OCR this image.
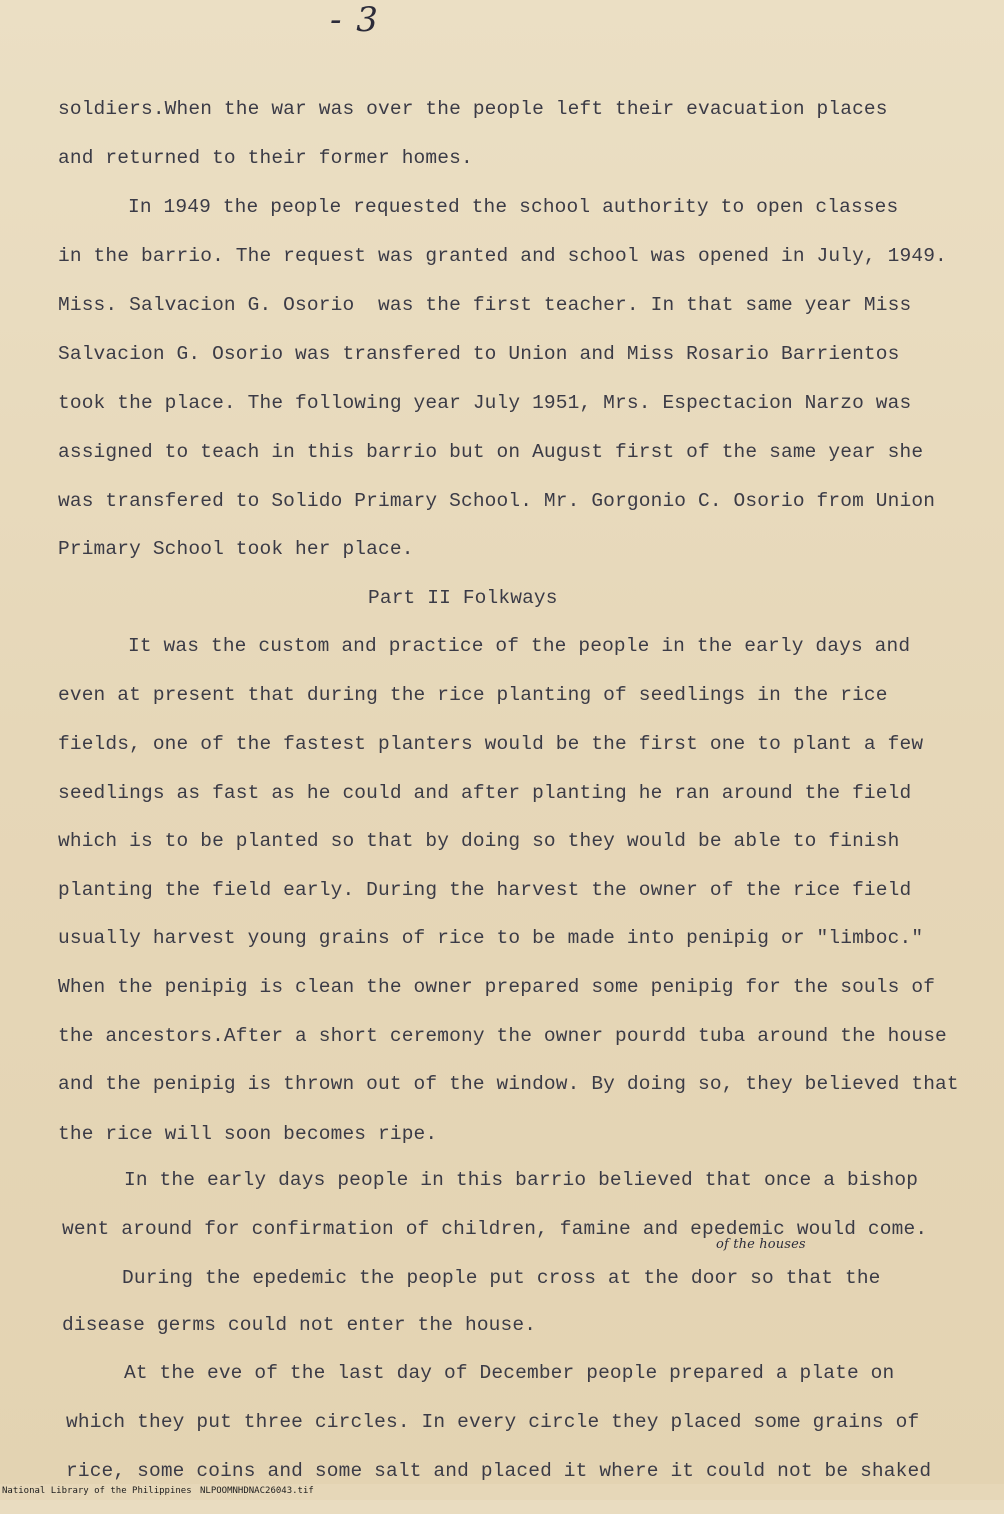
- 3
soldiers.When the war was over the people left their evacuation places
and returned to their former homes.
In 1949 the people requested the school authority to open classes
in the barrio. The request was granted and school was opened in July, 1949.
Miss. Salvacion G. Osorio  was the first teacher. In that same year Miss
Salvacion G. Osorio was transfered to Union and Miss Rosario Barrientos
took the place. The following year July 1951, Mrs. Espectacion Narzo was
assigned to teach in this barrio but on August first of the same year she
was transfered to Solido Primary School. Mr. Gorgonio C. Osorio from Union
Primary School took her place.
Part II Folkways
It was the custom and practice of the people in the early days and
even at present that during the rice planting of seedlings in the rice
fields, one of the fastest planters would be the first one to plant a few
seedlings as fast as he could and after planting he ran around the field
which is to be planted so that by doing so they would be able to finish
planting the field early. During the harvest the owner of the rice field
usually harvest young grains of rice to be made into penipig or "limboc."
When the penipig is clean the owner prepared some penipig for the souls of
the ancestors.After a short ceremony the owner pourdd tuba around the house
and the penipig is thrown out of the window. By doing so, they believed that
the rice will soon becomes ripe.
In the early days people in this barrio believed that once a bishop
went around for confirmation of children, famine and epedemic would come.
of the houses
During the epedemic the people put cross at the door so that the
disease germs could not enter the house.
At the eve of the last day of December people prepared a plate on
which they put three circles. In every circle they placed some grains of
rice, some coins and some salt and placed it where it could not be shaked

National Library of the Philippines

NLPOOMNHDNAC26043.tif
